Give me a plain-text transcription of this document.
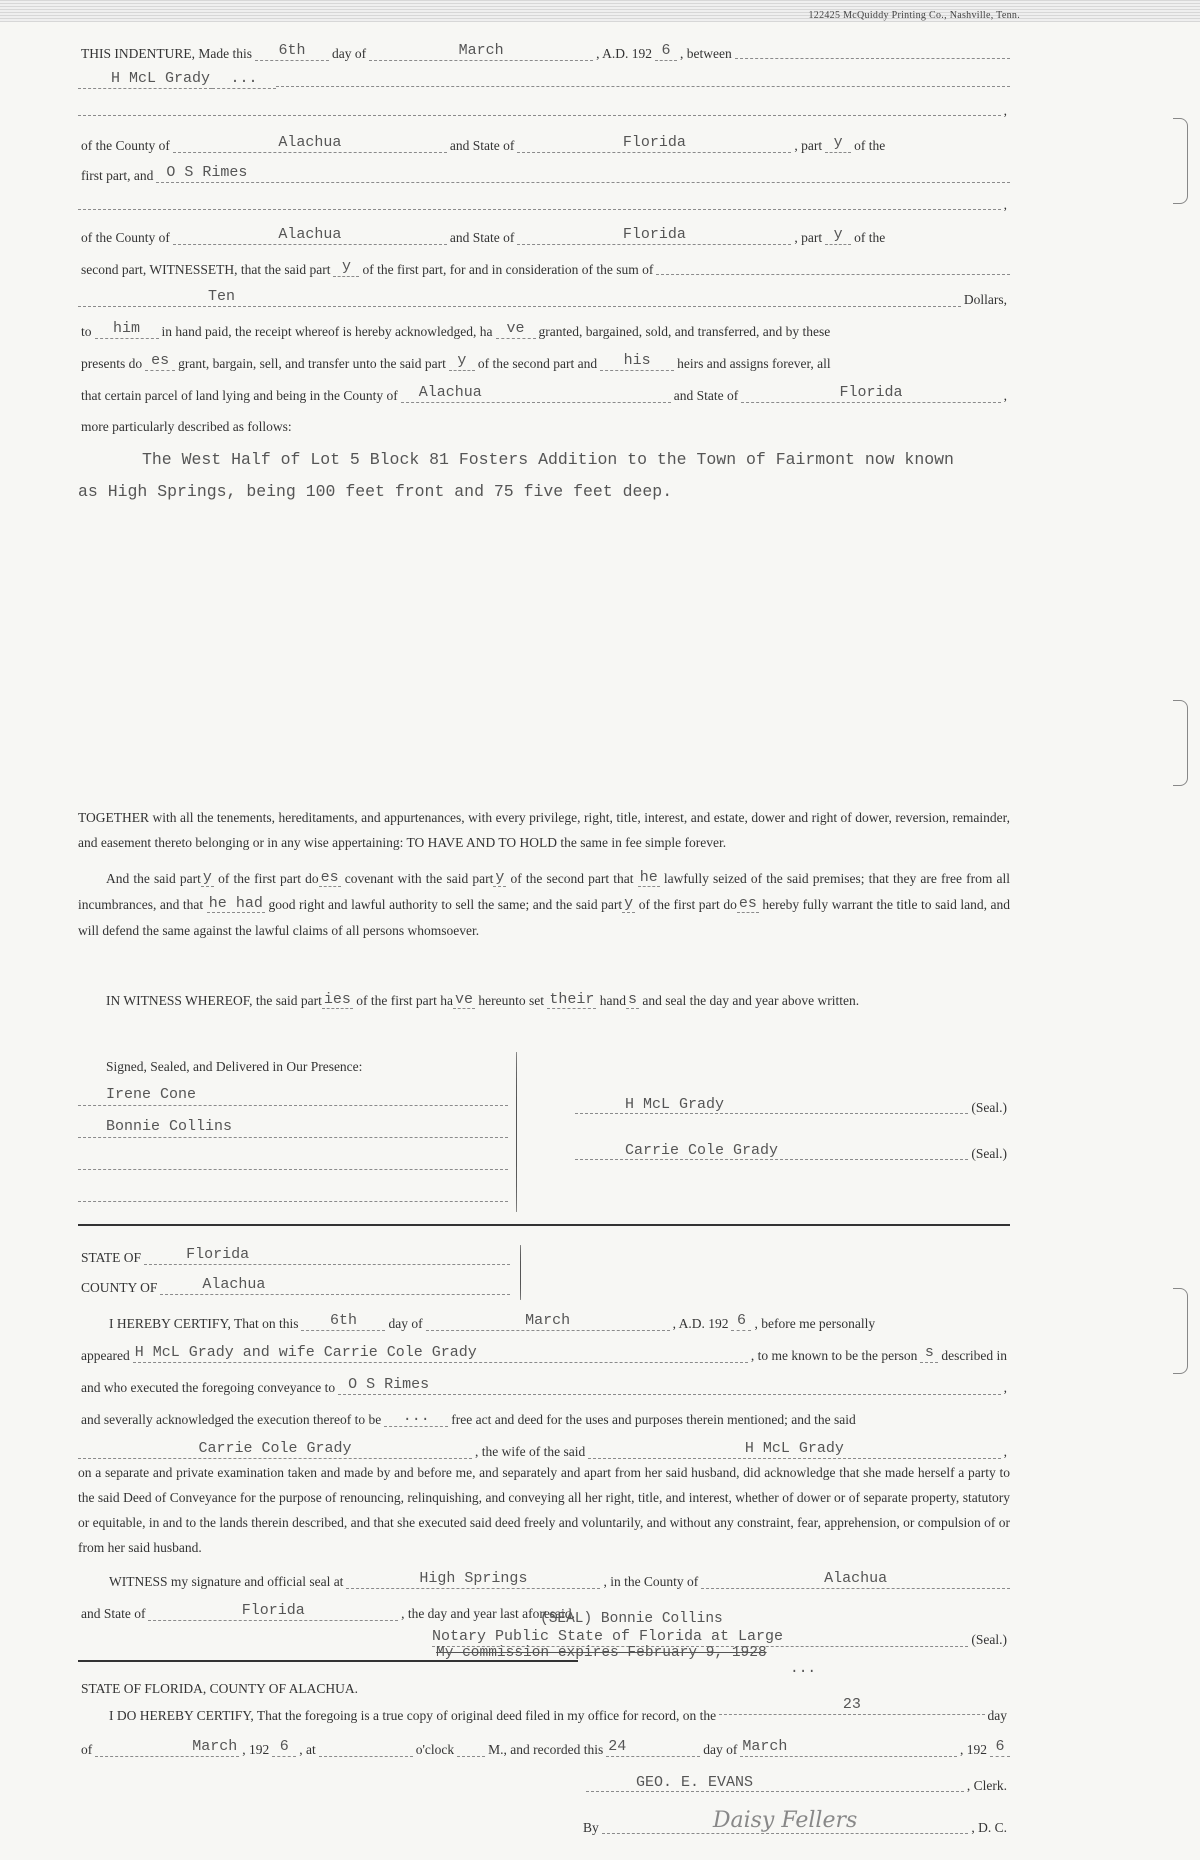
122425 McQuiddy Printing Co., Nashville, Tenn.
THIS INDENTURE, Made this	6th	day of	March	, A.D. 192 6 , between
H McL Grady	...
,
of the County of	Alachua	and State of	Florida	, part y of the
first part, and O S Rimes
,
of the County of	Alachua	and State of	Florida	, part y of the
second part, WITNESSETH, that the said part y of the first part, for and in consideration of the sum of
Ten	Dollars,
to	him	in hand paid, the receipt whereof is hereby acknowledged, ha ve	granted, bargained, sold, and transferred, and by these
presents do es grant, bargain, sell, and transfer unto the said part y of the second part and	his	heirs and assigns forever, all
that certain parcel of land lying and being in the County of	Alachua	and State of	Florida	,
more particularly described as follows:
The West Half of Lot 5 Block 81 Fosters Addition to the Town of Fairmont now known
as High Springs, being 100 feet front and 75 five feet deep.
TOGETHER with all the tenements, hereditaments, and appurtenances, with every privilege, right, title, interest, and estate, dower and right of dower, reversion, remainder, and easement thereto belonging or in any wise appertaining: TO HAVE AND TO HOLD the same in fee simple forever.
And the said part y of the first part do es covenant with the said part y of the second part that he lawfully seized of the said premises; that they are free from all incumbrances, and that he had good right and lawful authority to sell the same; and the said part y of the first part do es hereby fully warrant the title to said land, and will defend the same against the lawful claims of all persons whomsoever.
IN WITNESS WHEREOF, the said part ies of the first part ha ve hereunto set their hand s and seal the day and year above written.
Signed, Sealed, and Delivered in Our Presence:
Irene Cone
Bonnie Collins
H McL Grady	(Seal.)
Carrie Cole Grady	(Seal.)
STATE OF	Florida
COUNTY OF	Alachua
I HEREBY CERTIFY, That on this	6th	day of	March	, A.D. 192 6 , before me personally
appeared H McL Grady and wife Carrie Cole Grady	, to me known to be the person s described in
and who executed the foregoing conveyance to O S Rimes	,
and severally acknowledged the execution thereof to be	...	free act and deed for the uses and purposes therein mentioned; and the said
Carrie Cole Grady	, the wife of the said	H McL Grady	,
on a separate and private examination taken and made by and before me, and separately and apart from her said husband, did acknowledge that she made herself a party to the said Deed of Conveyance for the purpose of renouncing, relinquishing, and conveying all her right, title, and interest, whether of dower or of separate property, statutory or equitable, in and to the lands therein described, and that she executed said deed freely and voluntarily, and without any constraint, fear, apprehension, or compulsion of or from her said husband.
WITNESS my signature and official seal at	High Springs	, in the County of	Alachua
and State of	Florida	, the day and year last aforesaid.
(SEAL) Bonnie Collins
Notary Public State of Florida at Large	(Seal.)
My commission expires February 9, 1928
...
STATE OF FLORIDA, COUNTY OF ALACHUA.
I DO HEREBY CERTIFY, That the foregoing is a true copy of original deed filed in my office for record, on the
23
day
of	March , 192 6 , at	o'clock	M., and recorded this 24	day of March	, 192 6
GEO. E. EVANS	, Clerk.
By	Daisy Fellers	, D. C.
